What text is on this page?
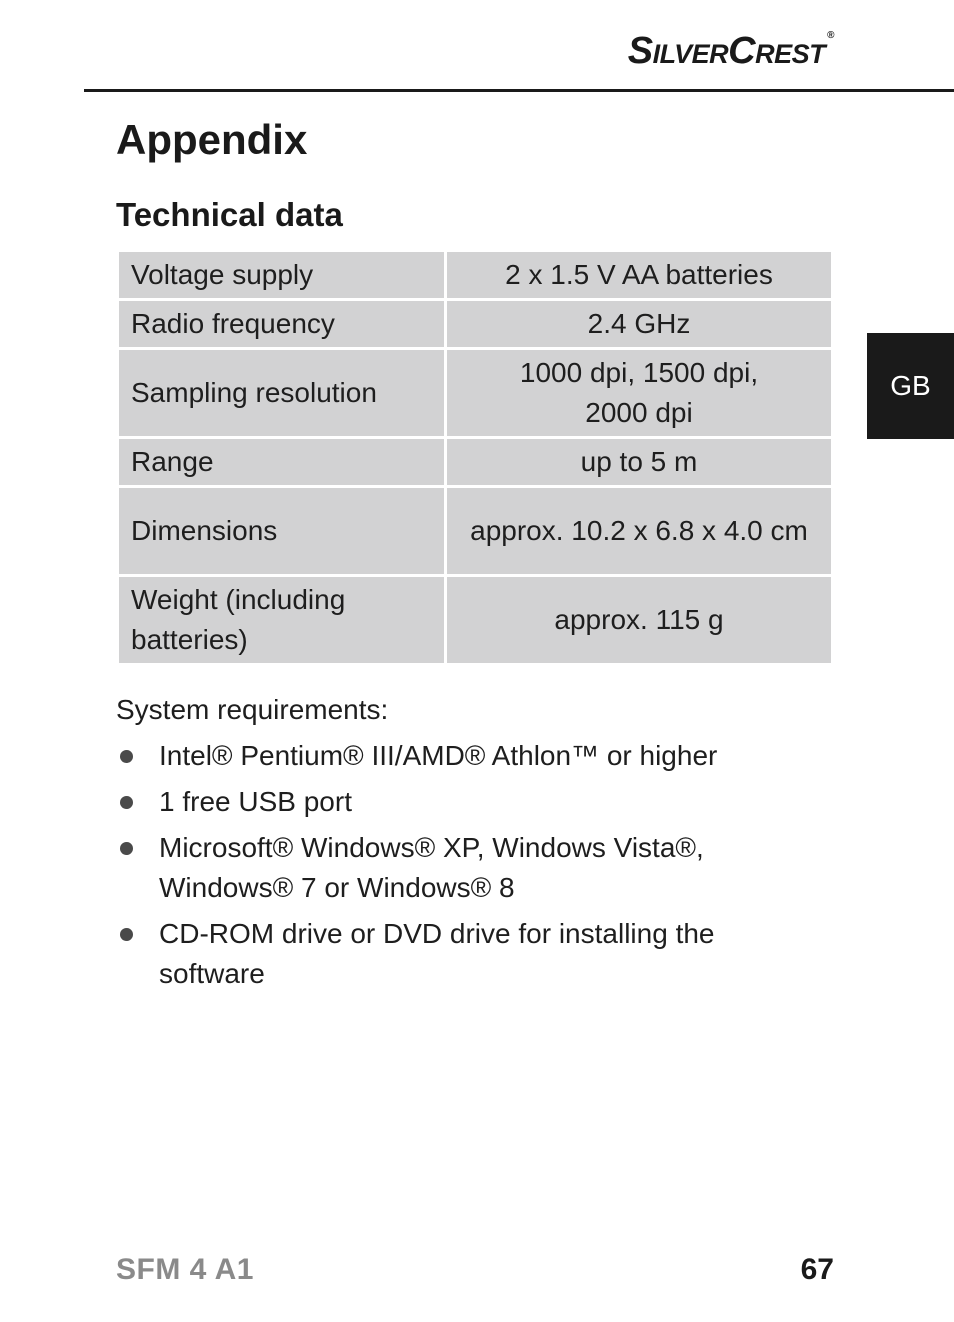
SilverCrest ®
Appendix
Technical data
GB
Voltage supply	2 x 1.5 V AA batteries
Radio frequency	2.4 GHz
Sampling resolution	1000 dpi, 1500 dpi, 2000 dpi
Range	up to 5 m
Dimensions	approx. 10.2 x 6.8 x 4.0 cm
Weight (including batteries)	approx. 115 g
System requirements:
Intel® Pentium® III/AMD® Athlon™ or higher
1 free USB port
Microsoft® Windows® XP, Windows Vista®, Windows® 7 or Windows® 8
CD-ROM drive or DVD drive for installing the software
SFM 4 A1	67
